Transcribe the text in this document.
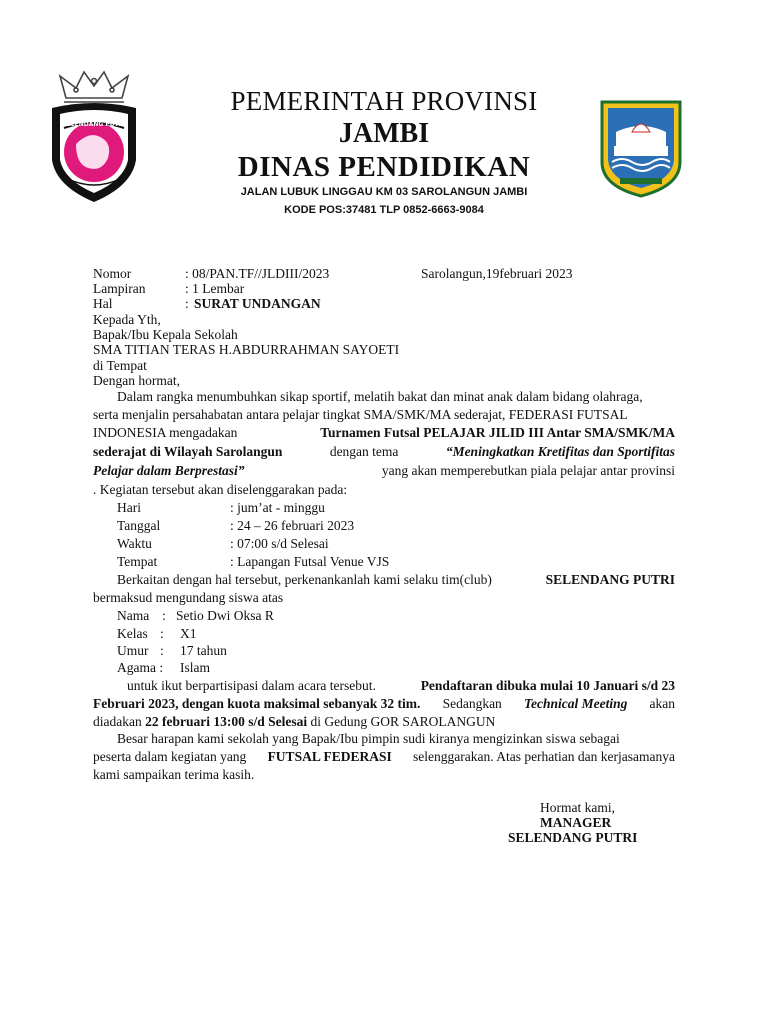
SELENDANG PUTRI
2019
PEMERINTAH PROVINSI
JAMBI
DINAS PENDIDIKAN
JALAN LUBUK LINGGAU KM 03 SAROLANGUN JAMBI
KODE POS:37481 TLP 0852-6663-9084
Nomor	: 08/PAN.TF//JLDIII/2023	Sarolangun,19februari 2023
Lampiran	: 1 Lembar
Hal	: SURAT UNDANGAN
Kepada Yth,
Bapak/Ibu Kepala Sekolah
SMA TITIAN TERAS H.ABDURRAHMAN SAYOETI
di Tempat
Dengan hormat,
Dalam rangka menumbuhkan sikap sportif, melatih bakat dan minat anak dalam bidang olahraga,
serta menjalin persahabatan antara pelajar tingkat SMA/SMK/MA sederajat, FEDERASI FUTSAL
INDONESIA mengadakan	Turnamen Futsal PELAJAR JILID III Antar SMA/SMK/MA
sederajat di Wilayah Sarolangun	dengan tema	“Meningkatkan Kretifitas dan Sportifitas
Pelajar dalam Berprestasi”	yang akan memperebutkan piala pelajar antar provinsi
. Kegiatan tersebut akan diselenggarakan pada:
Hari	: jum’at - minggu
Tanggal	: 24 – 26 februari 2023
Waktu	: 07:00 s/d Selesai
Tempat	: Lapangan Futsal Venue VJS
Berkaitan dengan hal tersebut, perkenankanlah kami selaku tim(club)	SELENDANG PUTRI
bermaksud mengundang siswa atas
Nama : Setio Dwi Oksa R
Kelas : X1
Umur : 17 tahun
Agama : Islam
untuk ikut berpartisipasi dalam acara tersebut.	Pendaftaran dibuka mulai 10 Januari s/d 23
Februari 2023, dengan kuota maksimal sebanyak 32 tim. Sedangkan Technical Meeting akan
diadakan 22 februari 13:00 s/d Selesai di Gedung GOR SAROLANGUN
Besar harapan kami sekolah yang Bapak/Ibu pimpin sudi kiranya mengizinkan siswa sebagai
peserta dalam kegiatan yang FUTSAL FEDERASI selenggarakan. Atas perhatian dan kerjasamanya
kami sampaikan terima kasih.
Hormat kami,
MANAGER
SELENDANG PUTRI
